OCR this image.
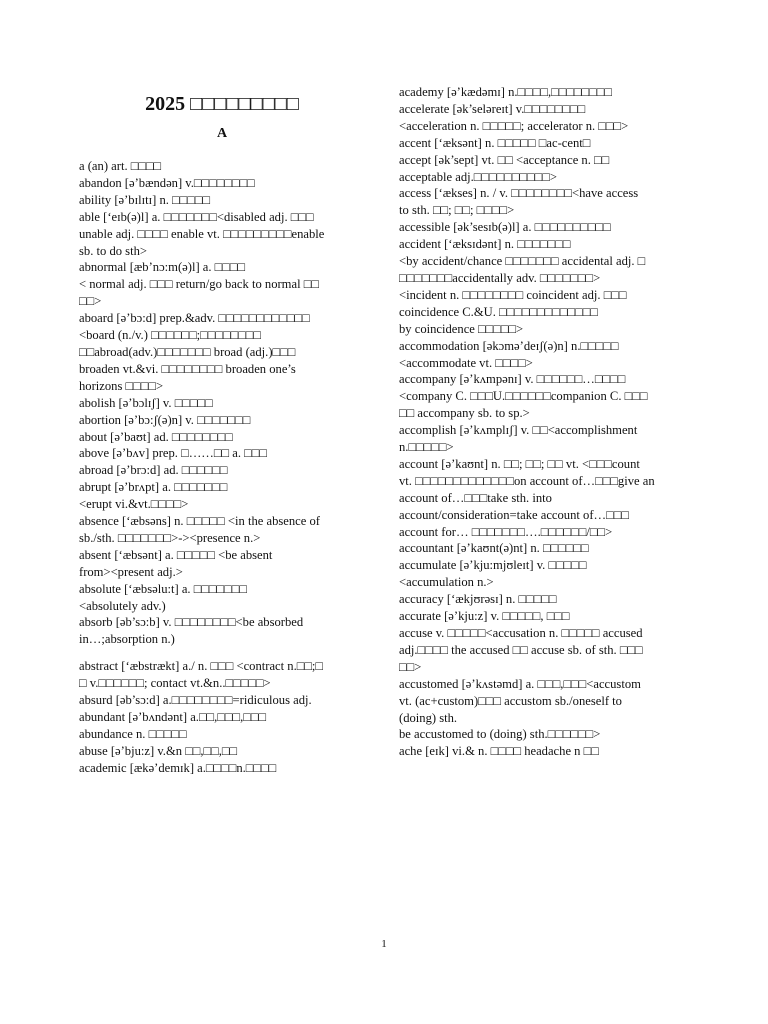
2025 □□□□□□□□□
A
a (an) art. □□□□
abandon [ə’bændən] v.□□□□□□□□
ability [ə’bɪlɪtɪ] n. □□□□□
able [‘eɪb(ə)l] a. □□□□□□□<disabled adj. □□□
unable adj. □□□□ enable vt. □□□□□□□□□enable
sb. to do sth>
abnormal [æb’nɔ:m(ə)l] a. □□□□
< normal adj. □□□ return/go back to normal □□
□□>
aboard [ə’bɔ:d] prep.&adv. □□□□□□□□□□□□
<board (n./v.) □□□□□□;□□□□□□□□
□□abroad(adv.)□□□□□□□ broad (adj.)□□□
broaden vt.&vi. □□□□□□□□ broaden one’s
horizons □□□□>
abolish [ə’bɔlɪʃ] v. □□□□□
abortion [ə’bɔ:ʃ(ə)n] v. □□□□□□□
about [ə’baʊt] ad. □□□□□□□□
above [ə’bʌv] prep. □……□□ a. □□□
abroad [ə’brɔ:d] ad. □□□□□□
abrupt [ə’brʌpt] a. □□□□□□□
<erupt vi.&vt.□□□□>
absence [‘æbsəns] n. □□□□□ <in the absence of
sb./sth. □□□□□□□>-><presence n.>
absent [‘æbsənt] a. □□□□□ <be absent
from><present adj.>
absolute [‘æbsəlu:t] a. □□□□□□□
<absolutely adv.)
absorb [əb’sɔ:b] v. □□□□□□□□<be absorbed
in…;absorption n.)
abstract [‘æbstrækt] a./ n. □□□ <contract n.□□;□
□ v.□□□□□□; contact vt.&n..□□□□□>
absurd [əb’sɔ:d] a.□□□□□□□□=ridiculous adj.
abundant [ə’bʌndənt] a.□□,□□□,□□□
abundance n. □□□□□
abuse [ə’bju:z] v.&n □□,□□,□□
academic [ækə’demɪk] a.□□□□n.□□□□
academy [ə’kædəmɪ] n.□□□□,□□□□□□□□
accelerate [ək’seləreɪt] v.□□□□□□□□
<acceleration n. □□□□□; accelerator n. □□□>
accent [‘æksənt] n. □□□□□ □ac-cent□
accept [ək’sept] vt. □□ <acceptance n. □□
acceptable adj.□□□□□□□□□□>
access [‘ækses] n. / v. □□□□□□□□<have access
to sth. □□; □□; □□□□>
accessible [ək’sesɪb(ə)l] a. □□□□□□□□□□
accident [‘æksɪdənt] n. □□□□□□□
<by accident/chance □□□□□□□ accidental adj. □
□□□□□□□accidentally adv. □□□□□□□>
<incident n. □□□□□□□□ coincident adj. □□□
coincidence C.&U. □□□□□□□□□□□□□
by coincidence □□□□□>
accommodation [əkɔmə’deɪʃ(ə)n] n.□□□□□
<accommodate vt. □□□□>
accompany [ə’kʌmpənɪ] v. □□□□□□…□□□□
<company C. □□□U.□□□□□□companion C. □□□
□□ accompany sb. to sp.>
accomplish [ə’kʌmplɪʃ] v. □□<accomplishment
n.□□□□□>
account [ə’kaʊnt] n. □□; □□; □□ vt. <□□□count
vt. □□□□□□□□□□□□□on account of…□□□give an
account of…□□□take sth. into
account/consideration=take account of…□□□
account for… □□□□□□□….□□□□□□/□□>
accountant [ə’kaʊnt(ə)nt] n. □□□□□□
accumulate [ə’kju:mjʊleɪt] v. □□□□□
<accumulation n.>
accuracy [‘ækjʊrəsɪ] n. □□□□□
accurate [ə’kju:z] v. □□□□□, □□□
accuse v. □□□□□<accusation n. □□□□□ accused
adj.□□□□ the accused □□ accuse sb. of sth. □□□
□□>
accustomed [ə’kʌstəmd] a. □□□,□□□<accustom
vt. (ac+custom)□□□ accustom sb./oneself to
(doing) sth.
be accustomed to (doing) sth.□□□□□□>
ache [eɪk] vi.& n. □□□□ headache n □□
1
